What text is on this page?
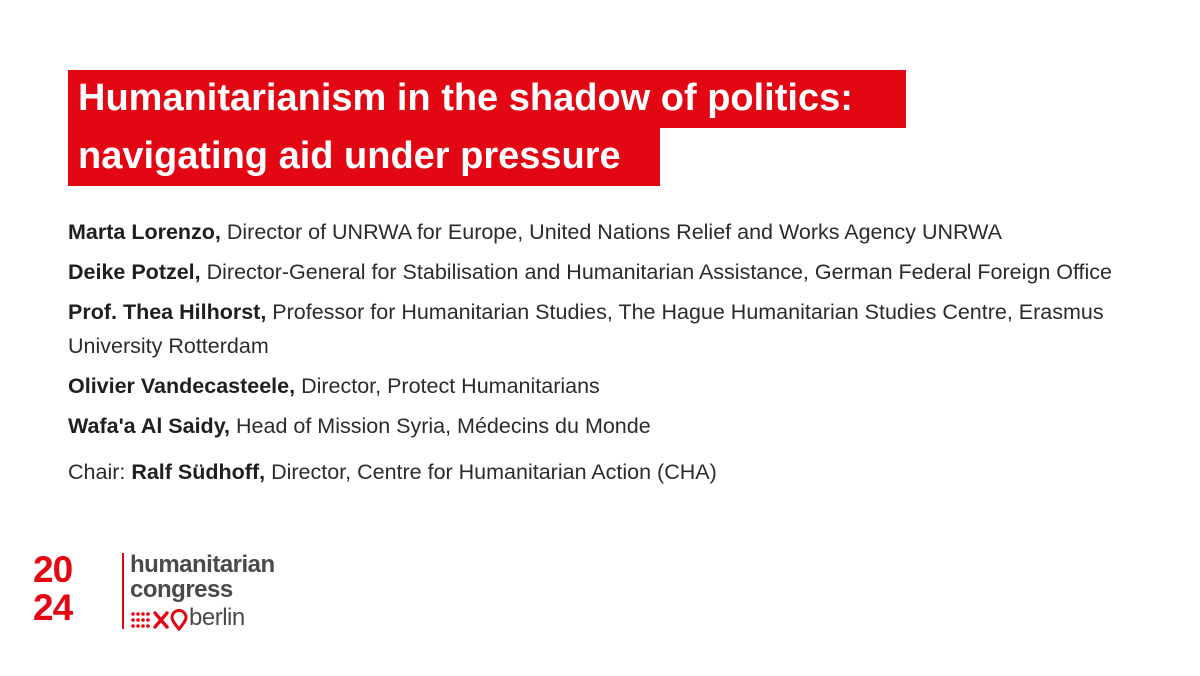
Humanitarianism in the shadow of politics:
navigating aid under pressure
Marta Lorenzo, Director of UNRWA for Europe, United Nations Relief and Works Agency UNRWA
Deike Potzel, Director-General for Stabilisation and Humanitarian Assistance, German Federal Foreign Office
Prof. Thea Hilhorst, Professor for Humanitarian Studies, The Hague Humanitarian Studies Centre, Erasmus University Rotterdam
Olivier Vandecasteele, Director, Protect Humanitarians
Wafa'a Al Saidy, Head of Mission Syria, Médecins du Monde
Chair: Ralf Südhoff, Director, Centre for Humanitarian Action (CHA)
20
24
humanitarian
congress
berlin
